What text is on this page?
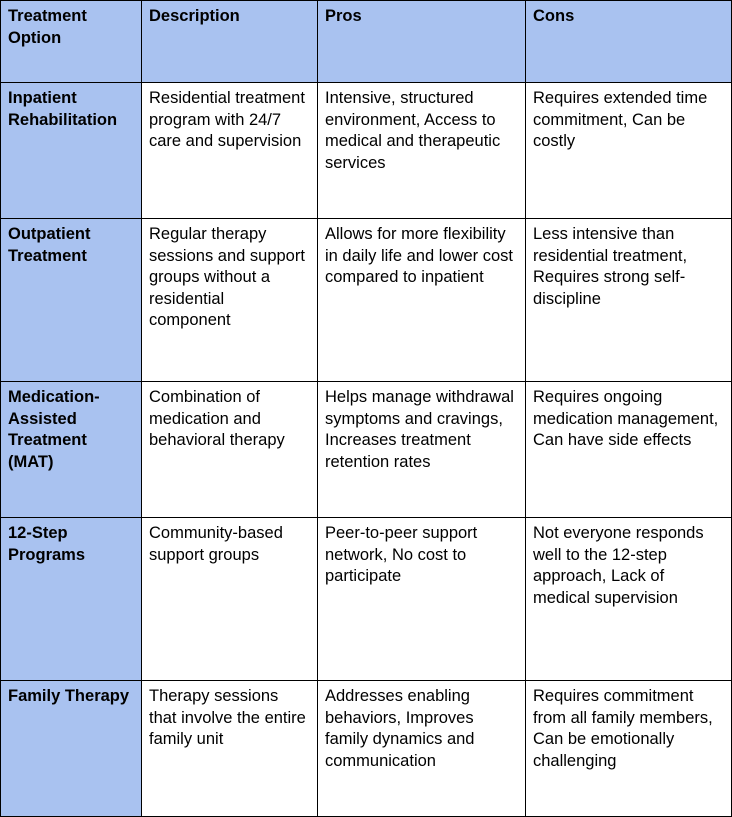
Treatment Option	Description	Pros	Cons
Inpatient Rehabilitation	Residential treatment program with 24/7 care and supervision	Intensive, structured environment, Access to medical and therapeutic services	Requires extended time commitment, Can be costly
Outpatient Treatment	Regular therapy sessions and support groups without a residential component	Allows for more flexibility in daily life and lower cost compared to inpatient	Less intensive than residential treatment, Requires strong self-discipline
Medication-Assisted Treatment (MAT)	Combination of medication and behavioral therapy	Helps manage withdrawal symptoms and cravings, Increases treatment retention rates	Requires ongoing medication management, Can have side effects
12-Step Programs	Community-based support groups	Peer-to-peer support network, No cost to participate	Not everyone responds well to the 12-step approach, Lack of medical supervision
Family Therapy	Therapy sessions that involve the entire family unit	Addresses enabling behaviors, Improves family dynamics and communication	Requires commitment from all family members, Can be emotionally challenging
